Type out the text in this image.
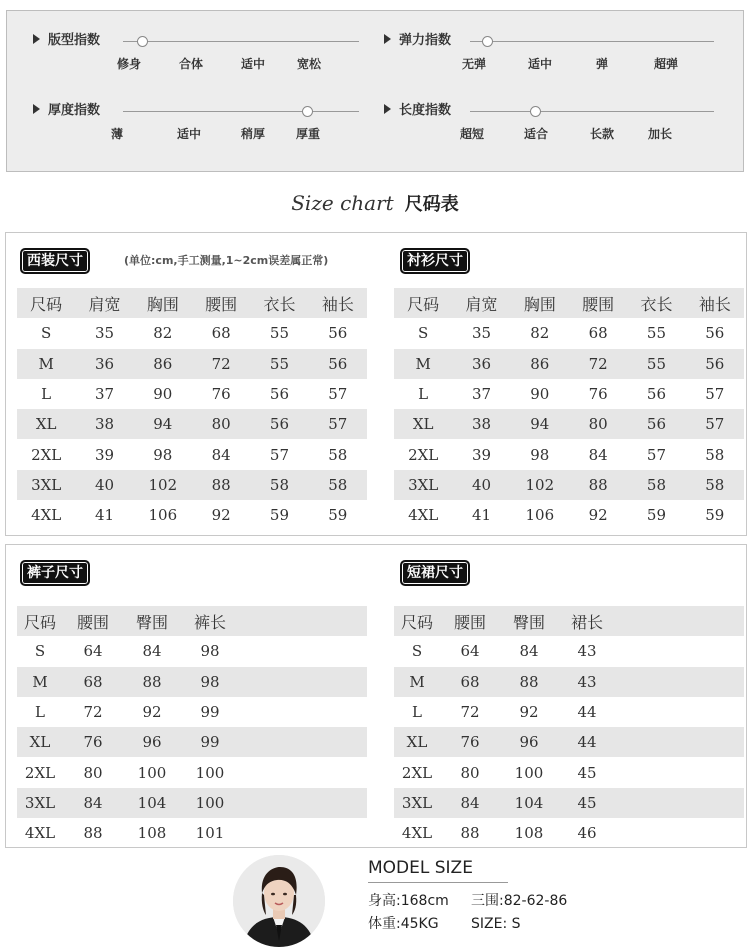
版型指数
修身	合体	适中	宽松
弹力指数
无弹	适中	弹	超弹
厚度指数
薄	适中	稍厚	厚重
长度指数
超短	适合	长款	加长
Size chart 尺码表
西装尺寸	(单位:cm,手工测量,1~2cm误差属正常)
尺码	肩宽	胸围	腰围	衣长	袖长
S	35	82	68	55	56
M	36	86	72	55	56
L	37	90	76	56	57
XL	38	94	80	56	57
2XL	39	98	84	57	58
3XL	40	102	88	58	58
4XL	41	106	92	59	59
衬衫尺寸
尺码	肩宽	胸围	腰围	衣长	袖长
S	35	82	68	55	56
M	36	86	72	55	56
L	37	90	76	56	57
XL	38	94	80	56	57
2XL	39	98	84	57	58
3XL	40	102	88	58	58
4XL	41	106	92	59	59
裤子尺寸
尺码	腰围	臀围	裤长	
S	64	84	98	
M	68	88	98	
L	72	92	99	
XL	76	96	99	
2XL	80	100	100	
3XL	84	104	100	
4XL	88	108	101	
短裙尺寸
尺码	腰围	臀围	裙长	
S	64	84	43	
M	68	88	43	
L	72	92	44	
XL	76	96	44	
2XL	80	100	45	
3XL	84	104	45	
4XL	88	108	46	
MODEL SIZE
身高:168cm 三围:82-62-86
体重:45KG SIZE: S
